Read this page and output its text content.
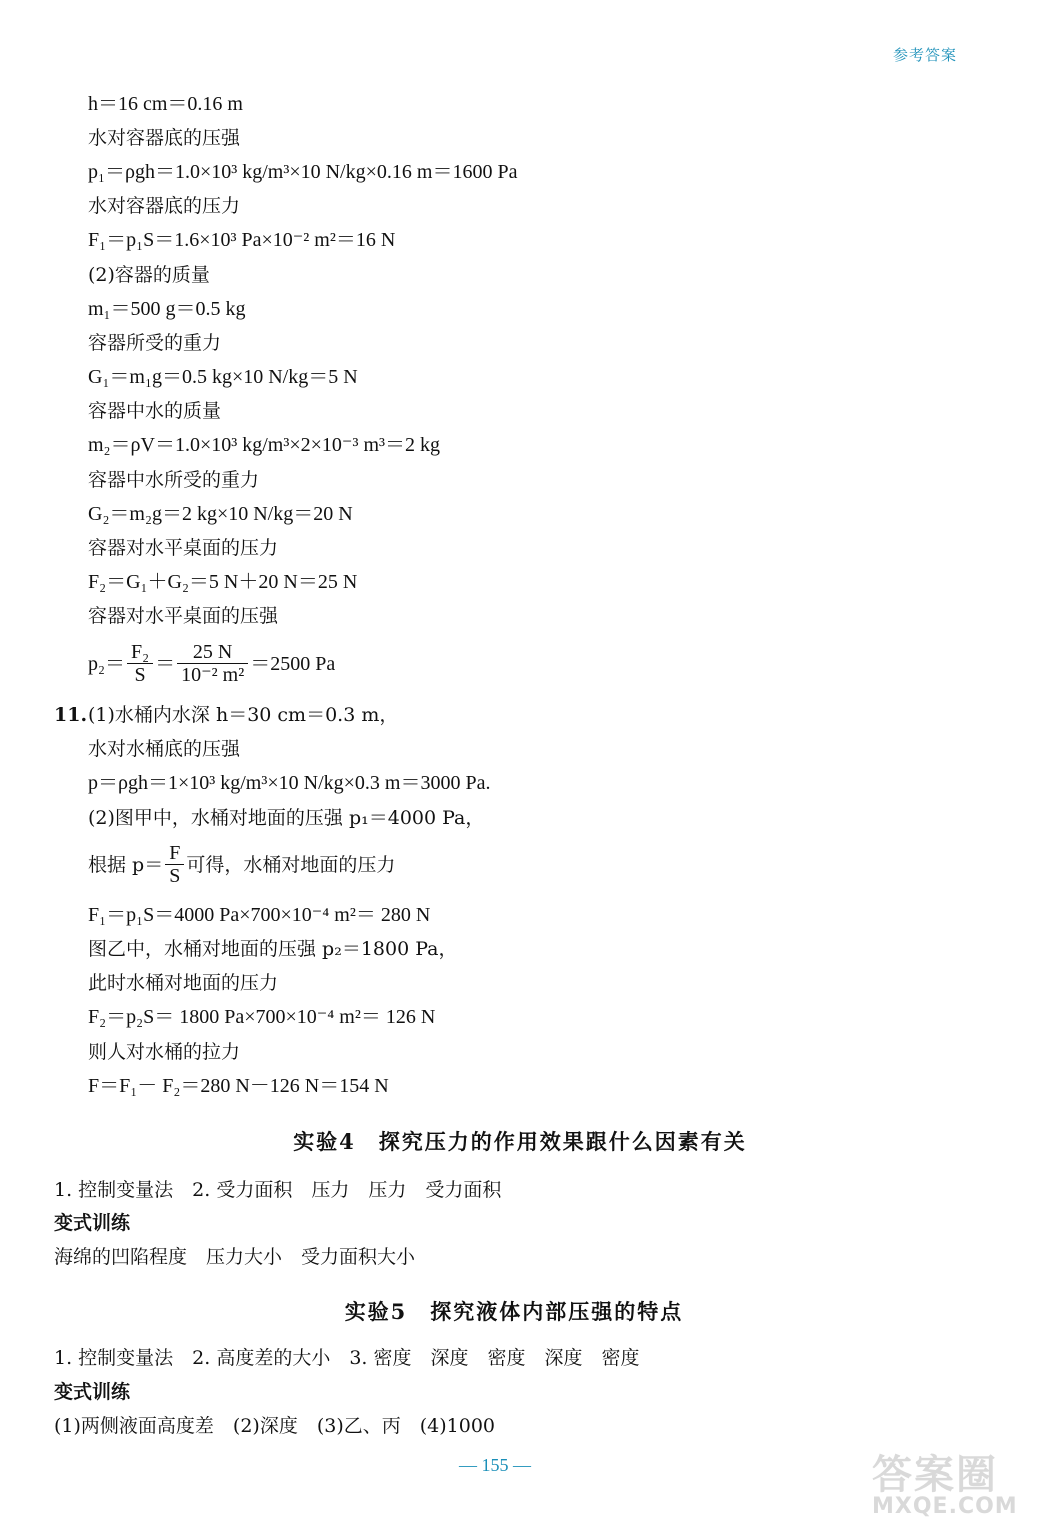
参考答案
h＝16 cm＝0.16 m
水对容器底的压强
p₁＝ρgh＝1.0×10³ kg/m³×10 N/kg×0.16 m＝1600 Pa
水对容器底的压力
F₁＝p₁S＝1.6×10³ Pa×10⁻² m²＝16 N
(2)容器的质量
m₁＝500 g＝0.5 kg
容器所受的重力
G₁＝m₁g＝0.5 kg×10 N/kg＝5 N
容器中水的质量
m₂＝ρV＝1.0×10³ kg/m³×2×10⁻³ m³＝2 kg
容器中水所受的重力
G₂＝m₂g＝2 kg×10 N/kg＝20 N
容器对水平桌面的压力
F₂＝G₁＋G₂＝5 N＋20 N＝25 N
容器对水平桌面的压强
$p_2= \frac{\text{F₂}}{S} = \frac{25 N}{\text{10⁻² m²}} =2500$ Pa
11. (1)水桶内水深 h＝30 cm＝0.3 m，
水对水桶底的压强
p＝ρgh＝1×10³ kg/m³×10 N/kg×0.3 m＝3000 Pa.
(2)图甲中，水桶对地面的压强 p₁＝4000 Pa，
根据 $p= \frac{F}{S}$ 可得，水桶对地面的压力
F₁＝p₁S＝4000 Pa×700×10⁻⁴ m²＝ 280 N
图乙中，水桶对地面的压强 p₂＝1800 Pa，
此时水桶对地面的压力
F₂＝p₂S＝ 1800 Pa×700×10⁻⁴ m²＝ 126 N
则人对水桶的拉力
F＝F₁－ F₂＝280 N－126 N＝154 N
实验4　探究压力的作用效果跟什么因素有关
1. 控制变量法　2. 受力面积　压力　压力　受力面积
变式训练
海绵的凹陷程度　压力大小　受力面积大小
实验5　探究液体内部压强的特点
1. 控制变量法　2. 高度差的大小　3. 密度　深度　密度　深度　密度
变式训练
(1)两侧液面高度差　(2)深度　(3)乙、丙　(4)1000
— 155 —	答案圈
MXQE.COM
